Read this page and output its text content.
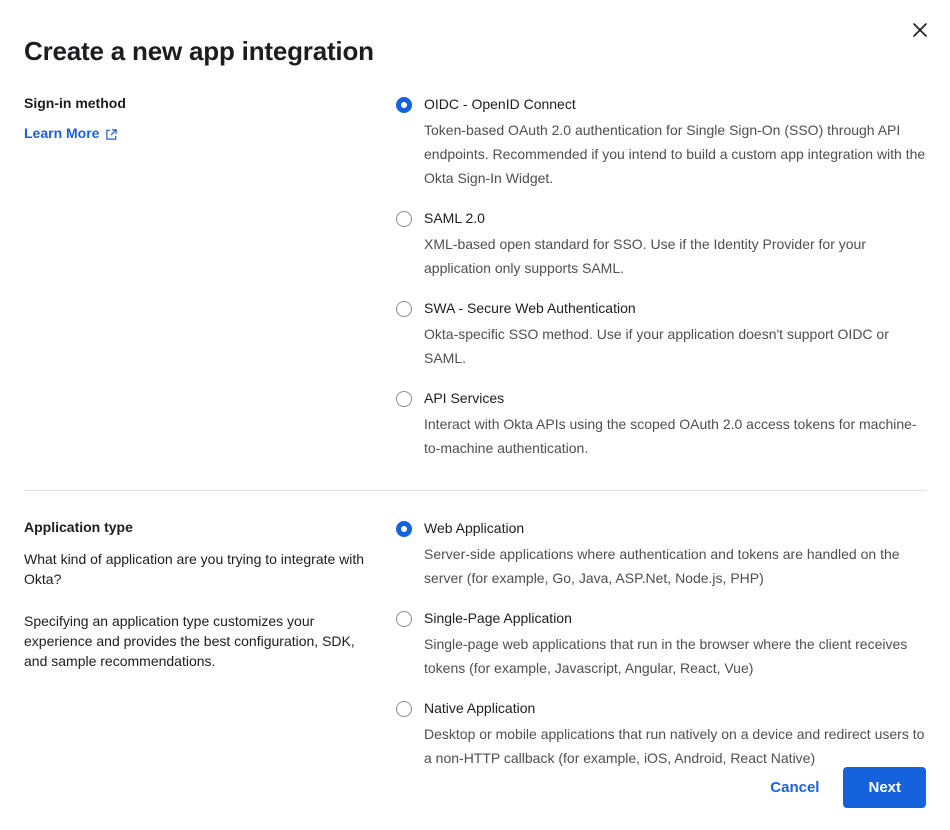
Create a new app integration
Sign-in method
Learn More
OIDC - OpenID Connect
Token-based OAuth 2.0 authentication for Single Sign-On (SSO) through API endpoints. Recommended if you intend to build a custom app integration with the Okta Sign-In Widget.
SAML 2.0
XML-based open standard for SSO. Use if the Identity Provider for your application only supports SAML.
SWA - Secure Web Authentication
Okta-specific SSO method. Use if your application doesn't support OIDC or SAML.
API Services
Interact with Okta APIs using the scoped OAuth 2.0 access tokens for machine-to-machine authentication.
Application type

What kind of application are you trying to integrate with Okta?

Specifying an application type customizes your experience and provides the best configuration, SDK, and sample recommendations.

Web Application
Server-side applications where authentication and tokens are handled on the server (for example, Go, Java, ASP.Net, Node.js, PHP)
Single-Page Application
Single-page web applications that run in the browser where the client receives tokens (for example, Javascript, Angular, React, Vue)
Native Application
Desktop or mobile applications that run natively on a device and redirect users to a non-HTTP callback (for example, iOS, Android, React Native)
Cancel	Next
